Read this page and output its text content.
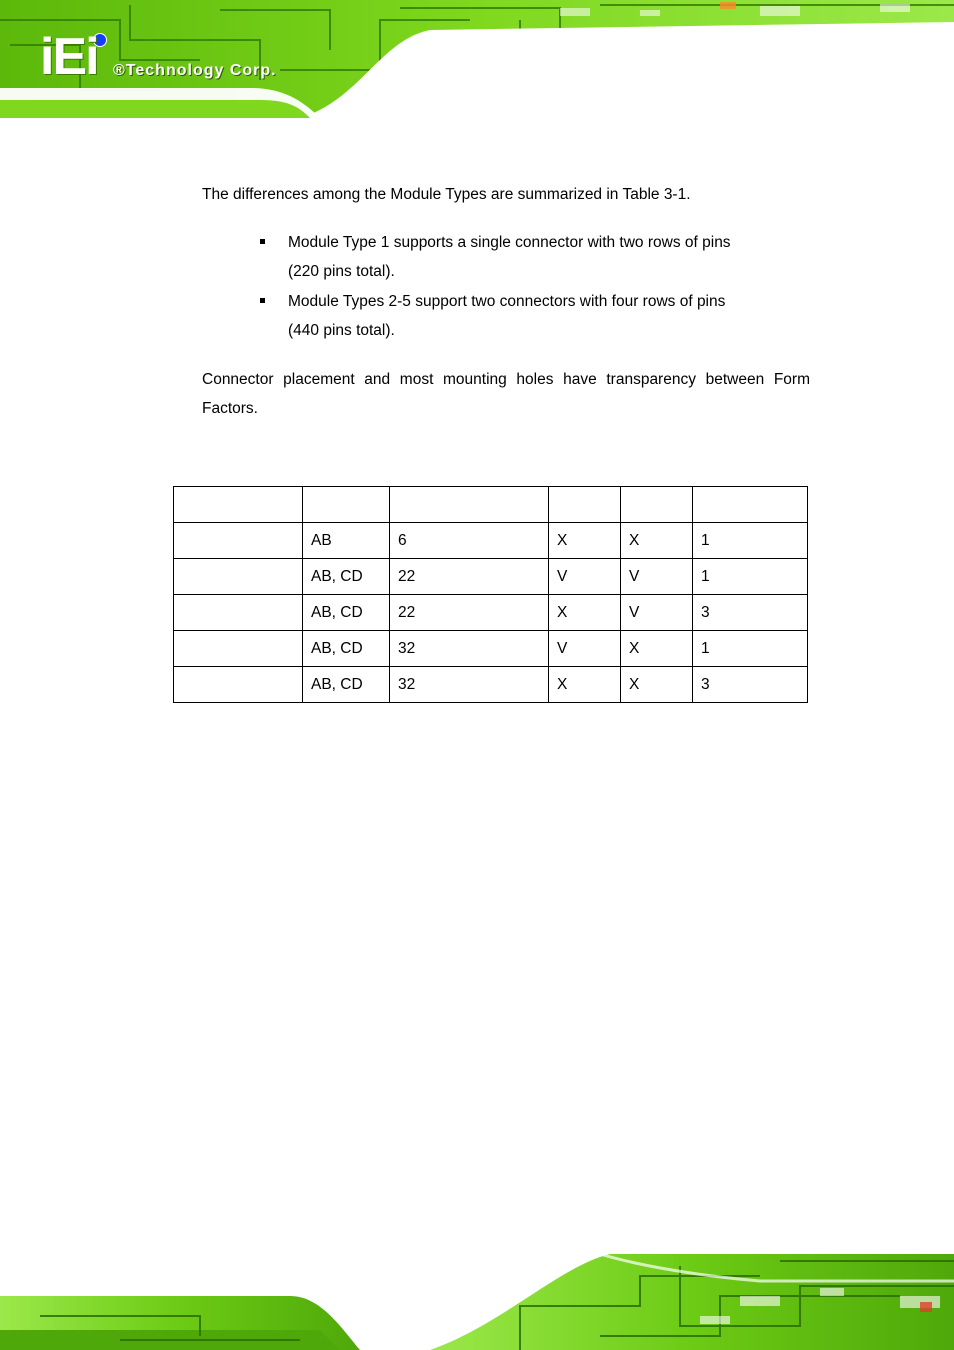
iEi ®Technology Corp.

The differences among the Module Types are summarized in Table 3-1.

Module Type 1 supports a single connector with two rows of pins
(220 pins total).
Module Types 2-5 support two connectors with four rows of pins
(440 pins total).

Connector placement and most mounting holes have transparency between Form Factors.

	AB	6	X	X	1
	AB, CD	22	V	V	1
	AB, CD	22	X	V	3
	AB, CD	32	V	X	1
	AB, CD	32	X	X	3
